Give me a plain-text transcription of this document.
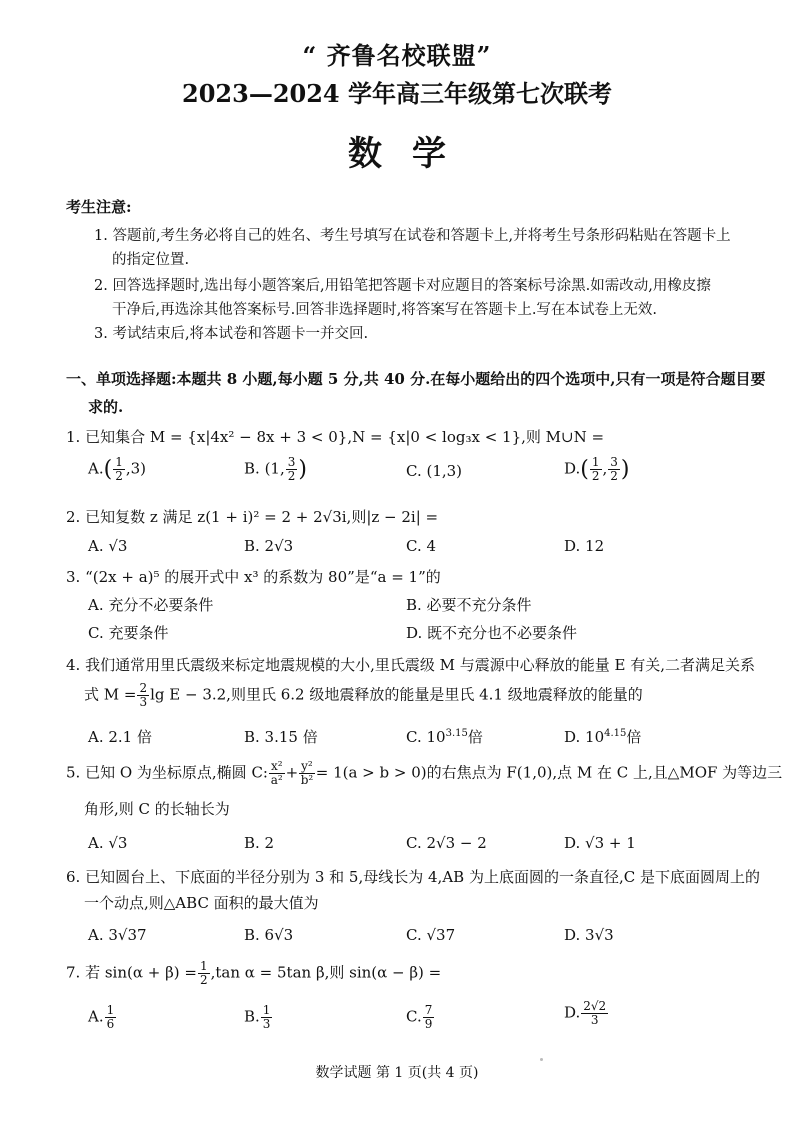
“ 齐鲁名校联盟”
2023—2024 学年高三年级第七次联考
数学
考生注意:
1. 答题前,考生务必将自己的姓名、考生号填写在试卷和答题卡上,并将考生号条形码粘贴在答题卡上
的指定位置.
2. 回答选择题时,选出每小题答案后,用铅笔把答题卡对应题目的答案标号涂黑.如需改动,用橡皮擦
干净后,再选涂其他答案标号.回答非选择题时,将答案写在答题卡上.写在本试卷上无效.
3. 考试结束后,将本试卷和答题卡一并交回.
一、单项选择题:本题共 8 小题,每小题 5 分,共 40 分.在每小题给出的四个选项中,只有一项是符合题目要
求的.
1. 已知集合 M = {x|4x² − 8x + 3 < 0},N = {x|0 < log₃x < 1},则 M∪N =
$A.( \frac{1}{2} ,3)$	B. (1, $\frac{3}{2}$ )	C. (1,3)	$D.( \frac{1}{2}$ , $\frac{3}{2}$ )
2. 已知复数 z 满足 z(1 + i)² = 2 + 2√3i,则|z − 2i| =
A. √3	B. 2√3	C. 4	D. 12
3. “(2x + a)⁵ 的展开式中 x³ 的系数为 80”是“a = 1”的
A. 充分不必要条件	B. 必要不充分条件
C. 充要条件	D. 既不充分也不必要条件
4. 我们通常用里氏震级来标定地震规模的大小,里氏震级 M 与震源中心释放的能量 E 有关,二者满足关系
式 $M = \frac{2}{3}$ lg E − 3.2,则里氏 6.2 级地震释放的能量是里氏 4.1 级地震释放的能量的
A. 2.1 倍	B. 3.15 倍	C. $10^{3.15}$倍	D. $10^{4.15}$倍
5. 已知 O 为坐标原点,椭圆 C: $\frac{\text{x²}}{\text{a²}} + \frac{\text{y²}}{\text{b²}} = 1(a > b > 0)$的右焦点为 F(1,0),点 M 在 C 上,且△MOF 为等边三
角形,则 C 的长轴长为
A. √3	B. 2	C. 2√3 − 2	D. √3 + 1
6. 已知圆台上、下底面的半径分别为 3 和 5,母线长为 4,AB 为上底面圆的一条直径,C 是下底面圆周上的
一个动点,则△ABC 面积的最大值为
A. 3√37	B. 6√3	C. √37	D. 3√3
7. 若 $\sin(\alpha + \beta) = \frac{1}{2} ,\tan$ α = 5tan β,则 sin(α − β) =
A. $\frac{1}{6}$	B. $\frac{1}{3}$	C. $\frac{7}{9}$	D. $\frac{2√2}{3}$
数学试题 第 1 页(共 4 页)
